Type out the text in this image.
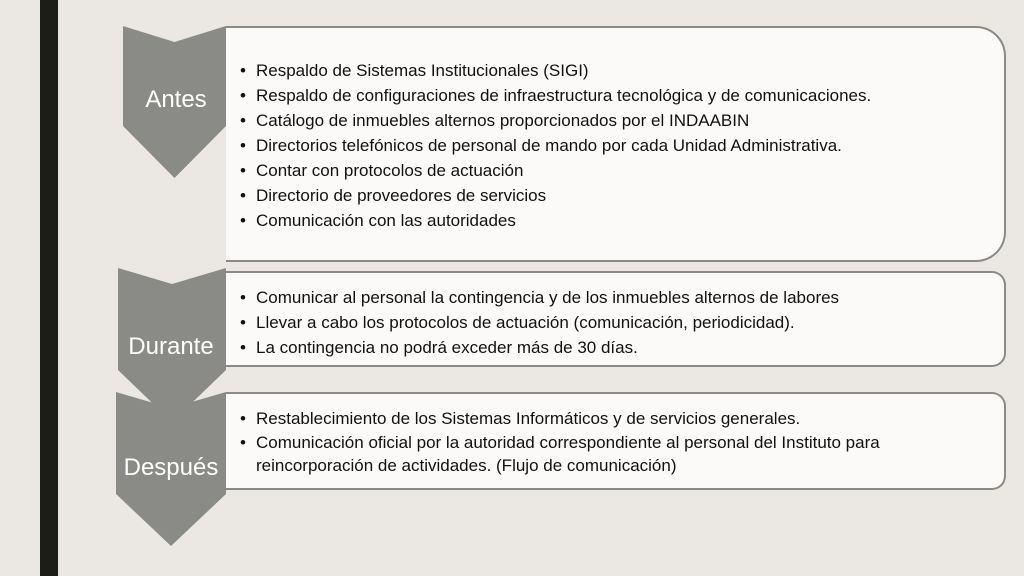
Antes
• Respaldo de Sistemas Institucionales (SIGI)
• Respaldo de configuraciones de infraestructura tecnológica y de comunicaciones.
• Catálogo de inmuebles alternos proporcionados por el INDAABIN
• Directorios telefónicos de personal de mando por cada Unidad Administrativa.
• Contar con protocolos de actuación
• Directorio de proveedores de servicios
• Comunicación con las autoridades
Durante
• Comunicar al personal la contingencia y de los inmuebles alternos de labores
• Llevar a cabo los protocolos de actuación (comunicación, periodicidad).
• La contingencia no podrá exceder más de 30 días.
Después
• Restablecimiento de los Sistemas Informáticos y de servicios generales.
• Comunicación oficial por la autoridad correspondiente al personal del Instituto para reincorporación de actividades. (Flujo de comunicación)
